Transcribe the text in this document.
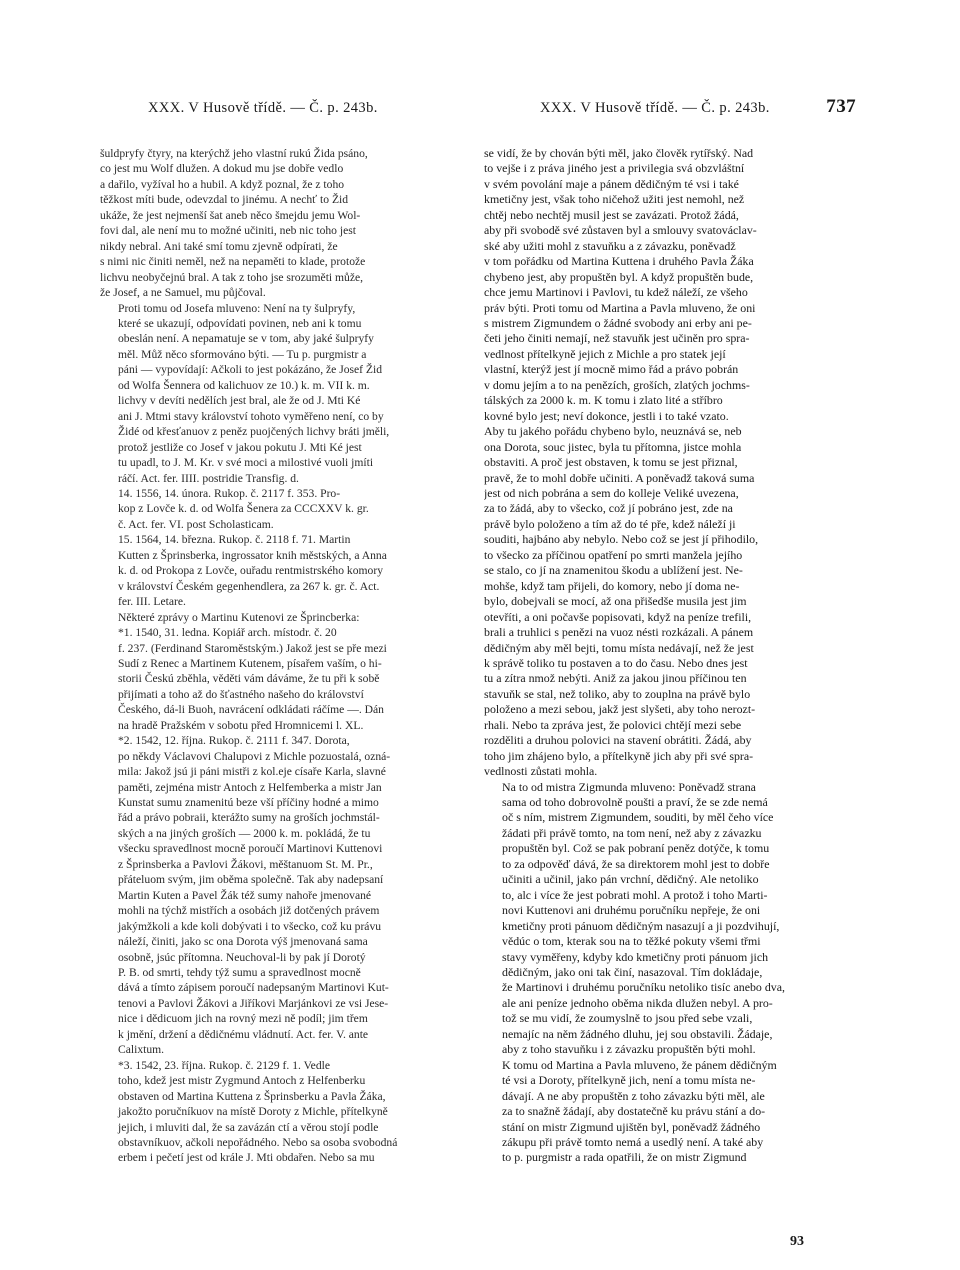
XXX. V Husově třídě. — Č. p. 243b.	XXX. V Husově třídě. — Č. p. 243b.	737
šuldpryfy čtyry, na kterýchž jeho vlastní rukú Žida psáno,
co jest mu Wolf dlužen. A dokud mu jse dobře vedlo
a dařilo, vyžíval ho a hubil. A když poznal, že z toho
těžkost míti bude, odevzdal to jinému. A nechť to Žid
ukáže, že jest nejmenší šat aneb něco šmejdu jemu Wol-
fovi dal, ale není mu to možné učiniti, neb nic toho jest
nikdy nebral. Ani také smí tomu zjevně odpírati, že
s nimi nic činiti neměl, než na nepaměti to klade, protože
lichvu neobyčejnú bral. A tak z toho jse srozuměti může,
že Josef, a ne Samuel, mu půjčoval.
Proti tomu od Josefa mluveno: Není na ty šulpryfy,
které se ukazují, odpovídati povinen, neb ani k tomu
obeslán není. A nepamatuje se v tom, aby jaké šulpryfy
měl. Můž něco sformováno býti. — Tu p. purgmistr a
páni — vypovídají: Ačkoli to jest pokázáno, že Josef Žid
od Wolfa Šennera od kalichuov ze 10.) k. m. VII k. m.
lichvy v devíti nedělích jest bral, ale že od J. Mti Ké
ani J. Mtmi stavy království tohoto vyměřeno není, co by
Židé od křesťanuov z peněz puojčených lichvy bráti jměli,
protož jestliže co Josef v jakou pokutu J. Mti Ké jest
tu upadl, to J. M. Kr. v své moci a milostivé vuoli jmíti
ráčí. Act. fer. IIII. postridie Transfig. d.
14. 1556, 14. února. Rukop. č. 2117 f. 353. Pro-
kop z Lovče k. d. od Wolfa Šenera za CCCXXV k. gr.
č. Act. fer. VI. post Scholasticam.
15. 1564, 14. března. Rukop. č. 2118 f. 71. Martin
Kutten z Šprinsberka, ingrossator knih městských, a Anna
k. d. od Prokopa z Lovče, ouřadu rentmistrského komory
v království Českém gegenhendlera, za 267 k. gr. č. Act.
fer. III. Letare.
Některé zprávy o Martinu Kutenovi ze Šprincberka:
*1. 1540, 31. ledna. Kopiář arch. místodr. č. 20
f. 237. (Ferdinand Staroměstským.) Jakož jest se pře mezi
Sudí z Renec a Martinem Kutenem, písařem vaším, o hi-
storii Českú zběhla, věděti vám dáváme, že tu při k sobě
přijímati a toho až do šťastného našeho do království
Českého, dá-li Buoh, navrácení odkládati ráčíme —. Dán
na hradě Pražském v sobotu před Hromnicemi l. XL.
*2. 1542, 12. října. Rukop. č. 2111 f. 347. Dorota,
po někdy Václavovi Chalupovi z Michle pozuostalá, ozná-
mila: Jakož jsú ji páni mistři z kol.eje císaře Karla, slavné
paměti, zejména mistr Antoch z Helfemberka a mistr Jan
Kunstat sumu znamenitú beze vší příčiny hodné a mimo
řád a právo pobraii, kterážto sumy na groších jochmstál-
ských a na jiných groších — 2000 k. m. pokládá, že tu
všecku spravedlnost mocně poroučí Martinovi Kuttenovi
z Šprinsberka a Pavlovi Žákovi, měštanuom St. M. Pr.,
přáteluom svým, jim oběma společně. Tak aby nadepsaní
Martin Kuten a Pavel Žák též sumy nahoře jmenované
mohli na týchž mistřích a osobách již dotčených právem
jakýmžkoli a kde koli dobývati i to všecko, což ku právu
náleží, činiti, jako sc ona Dorota výš jmenovaná sama
osobně, jsúc přítomna. Neuchoval-li by pak jí Dorotý
P. B. od smrti, tehdy týž sumu a spravedlnost mocně
dává a tímto zápisem poroučí nadepsaným Martinovi Kut-
tenovi a Pavlovi Žákovi a Jiříkovi Marjánkovi ze vsi Jese-
nice i dědicuom jich na rovný mezi ně podíl; jim třem
k jmění, držení a dědičnému vládnutí. Act. fer. V. ante
Calixtum.
*3. 1542, 23. října. Rukop. č. 2129 f. 1. Vedle
toho, kdež jest mistr Zygmund Antoch z Helfenberku
obstaven od Martina Kuttena z Šprinsberku a Pavla Žáka,
jakožto poručníkuov na místě Doroty z Michle, přítelkyně
jejich, i mluviti dal, že sa zavázán ctí a věrou stojí podle
obstavníkuov, ačkoli nepořádného. Nebo sa osoba svobodná
erbem i pečetí jest od krále J. Mti obdařen. Nebo sa mu
se vidí, že by chován býti měl, jako člověk rytířský. Nad
to vejše i z práva jiného jest a privilegia svá obzvláštní
v svém povolání maje a pánem dědičným té vsi i také
kmetičny jest, však toho ničehož užiti jest nemohl, než
chtěj nebo nechtěj musil jest se zavázati. Protož žádá,
aby při svobodě své zůstaven byl a smlouvy svatováclav-
ské aby užiti mohl z stavuňku a z závazku, poněvadž
v tom pořádku od Martina Kuttena i druhého Pavla Žáka
chybeno jest, aby propuštěn byl. A když propuštěn bude,
chce jemu Martinovi i Pavlovi, tu kdež náleží, ze všeho
práv býti. Proti tomu od Martina a Pavla mluveno, že oni
s mistrem Zigmundem o žádné svobody ani erby ani pe-
četi jeho činiti nemají, než stavuňk jest učiněn pro spra-
vedlnost přítelkyně jejich z Michle a pro statek její
vlastní, kterýž jest jí mocně mimo řád a právo pobrán
v domu jejím a to na penězích, groších, zlatých jochms-
tálských za 2000 k. m. K tomu i zlato lité a stříbro
kovné bylo jest; neví dokonce, jestli i to také vzato.
Aby tu jakého pořádu chybeno bylo, neuznává se, neb
ona Dorota, souc jistec, byla tu přítomna, jistce mohla
obstaviti. A proč jest obstaven, k tomu se jest přiznal,
pravě, že to mohl dobře učiniti. A poněvadž taková suma
jest od nich pobrána a sem do kolleje Veliké uvezena,
za to žádá, aby to všecko, což jí pobráno jest, zde na
právě bylo položeno a tím až do té pře, kdež náleží ji
souditi, hajbáno aby nebylo. Nebo což se jest jí přihodilo,
to všecko za příčinou opatření po smrti manžela jejího
se stalo, co jí na znamenitou škodu a ublížení jest. Ne-
mohše, když tam přijeli, do komory, nebo jí doma ne-
bylo, dobejvali se mocí, až ona přišedše musila jest jim
otevříti, a oni počavše popisovati, když na peníze trefili,
brali a truhlici s penězi na vuoz nésti rozkázali. A pánem
dědičným aby měl bejti, tomu místa nedávají, než že jest
k správě toliko tu postaven a to do času. Nebo dnes jest
tu a zítra nmož nebýti. Aniž za jakou jinou příčinou ten
stavuňk se stal, než toliko, aby to zouplna na právě bylo
položeno a mezi sebou, jakž jest slyšeti, aby toho nerozt-
rhali. Nebo ta zpráva jest, že polovici chtějí mezi sebe
rozděliti a druhou polovici na stavení obrátiti. Žádá, aby
toho jim zhájeno bylo, a přítelkyně jich aby při své spra-
vedlnosti zůstati mohla.
Na to od mistra Zigmunda mluveno: Poněvadž strana
sama od toho dobrovolně poušti a praví, že se zde nemá
oč s ním, mistrem Zigmundem, souditi, by měl čeho více
žádati při právě tomto, na tom není, než aby z závazku
propuštěn byl. Což se pak pobraní peněz dotýče, k tomu
to za odpověď dává, že sa direktorem mohl jest to dobře
učiniti a učinil, jako pán vrchní, dědičný. Ale netoliko
to, alc i více že jest pobrati mohl. A protož i toho Marti-
novi Kuttenovi ani druhému poručníku nepřeje, že oni
kmetičny proti pánuom dědičným nasazují a ji pozdvihují,
vědúc o tom, kterak sou na to těžké pokuty všemi třmi
stavy vyměřeny, kdyby kdo kmetičny proti pánuom jich
dědičným, jako oni tak činí, nasazoval. Tím dokládaje,
že Martinovi i druhému poručníku netoliko tisíc anebo dva,
ale ani peníze jednoho oběma nikda dlužen nebyl. A pro-
tož se mu vidí, že zoumyslně to jsou před sebe vzali,
nemajíc na něm žádného dluhu, jej sou obstavili. Žádaje,
aby z toho stavuňku i z závazku propuštěn býti mohl.
K tomu od Martina a Pavla mluveno, že pánem dědičným
té vsi a Doroty, přítelkyně jich, není a tomu místa ne-
dávají. A ne aby propuštěn z toho závazku býti měl, ale
za to snažně žádají, aby dostatečně ku právu stání a do-
stání on mistr Zigmund ujištěn byl, poněvadž žádného
zákupu při právě tomto nemá a usedlý není. A také aby
to p. purgmistr a rada opatřili, že on mistr Zigmund
93
